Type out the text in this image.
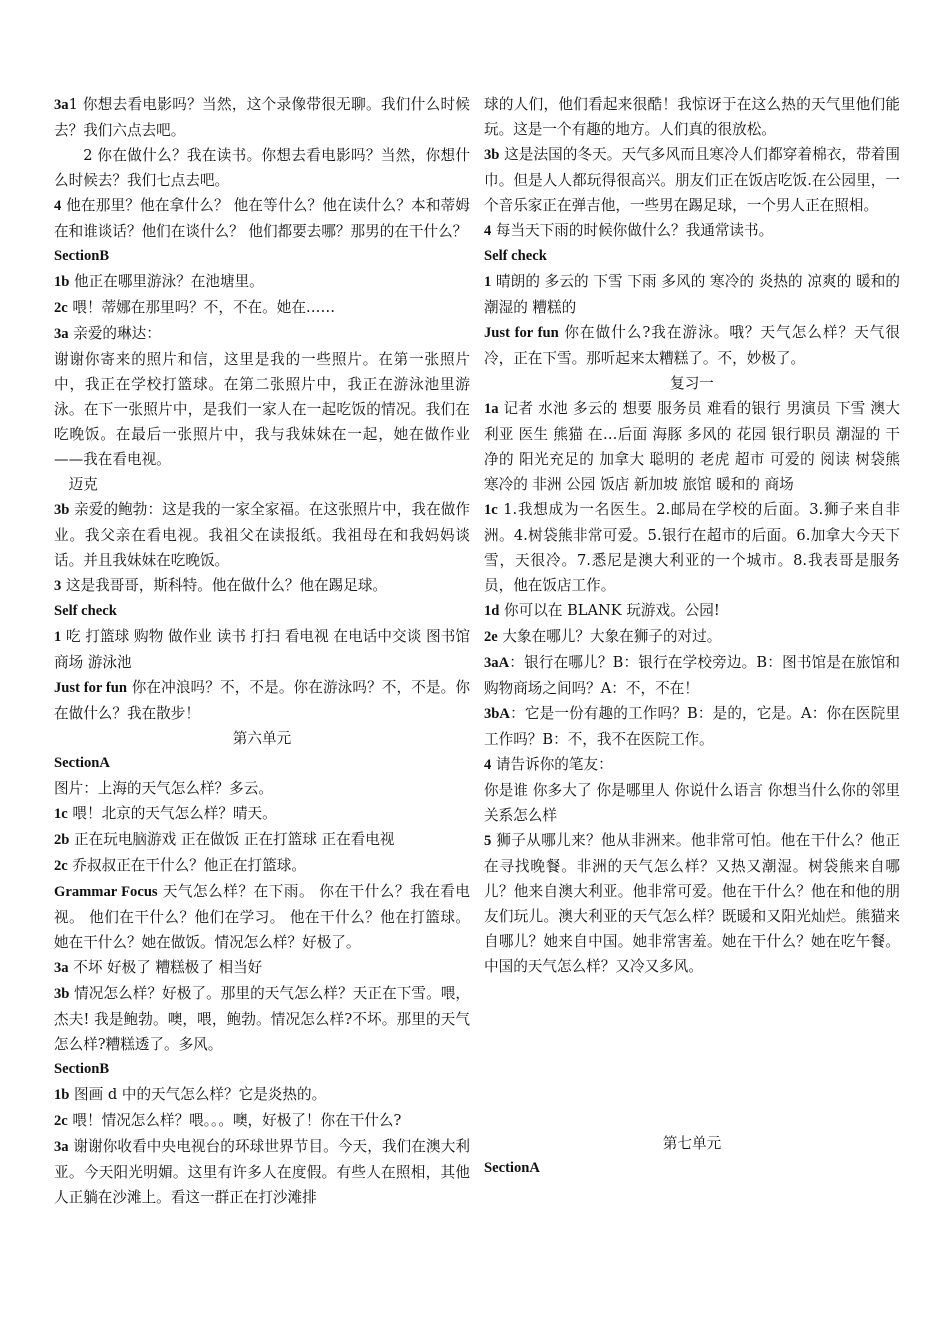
3a1 你想去看电影吗？当然，这个录像带很无聊。我们什么时候去？我们六点去吧。

2 你在做什么？我在读书。你想去看电影吗？当然，你想什么时候去？我们七点去吧。

4 他在那里？他在拿什么？ 他在等什么？他在读什么？本和蒂姆在和谁谈话？他们在谈什么？ 他们都要去哪？那男的在干什么？

SectionB

1b 他正在哪里游泳？在池塘里。

2c 喂！蒂娜在那里吗？不，不在。她在……

3a 亲爱的琳达：

谢谢你寄来的照片和信，这里是我的一些照片。在第一张照片中，我正在学校打篮球。在第二张照片中，我正在游泳池里游泳。在下一张照片中，是我们一家人在一起吃饭的情况。我们在吃晚饭。在最后一张照片中，我与我妹妹在一起，她在做作业——我在看电视。

迈克

3b 亲爱的鲍勃：这是我的一家全家福。在这张照片中，我在做作业。我父亲在看电视。我祖父在读报纸。我祖母在和我妈妈谈话。并且我妹妹在吃晚饭。

3 这是我哥哥，斯科特。他在做什么？他在踢足球。

Self check

1 吃 打篮球 购物 做作业 读书 打扫 看电视 在电话中交谈 图书馆 商场 游泳池

Just for fun 你在冲浪吗？不，不是。你在游泳吗？不，不是。你在做什么？我在散步！

第六单元

SectionA

图片：上海的天气怎么样？多云。

1c 喂！北京的天气怎么样？晴天。

2b 正在玩电脑游戏 正在做饭 正在打篮球 正在看电视

2c 乔叔叔正在干什么？他正在打篮球。

Grammar Focus 天气怎么样？在下雨。 你在干什么？我在看电视。 他们在干什么？他们在学习。 他在干什么？他在打篮球。 她在干什么？她在做饭。情况怎么样？好极了。

3a 不坏 好极了 糟糕极了 相当好

3b 情况怎么样？好极了。那里的天气怎么样？天正在下雪。喂，杰夫! 我是鲍勃。噢，喂，鲍勃。情况怎么样?不坏。那里的天气怎么样?糟糕透了。多风。

SectionB

1b 图画 d 中的天气怎么样？它是炎热的。

2c 喂！情况怎么样？喂。。。噢，好极了！你在干什么?

3a 谢谢你收看中央电视台的环球世界节目。今天，我们在澳大利亚。今天阳光明媚。这里有许多人在度假。有些人在照相，其他人正躺在沙滩上。看这一群正在打沙滩排

球的人们，他们看起来很酷！我惊讶于在这么热的天气里他们能玩。这是一个有趣的地方。人们真的很放松。

3b 这是法国的冬天。天气多风而且寒冷人们都穿着棉衣，带着围巾。但是人人都玩得很高兴。朋友们正在饭店吃饭.在公园里，一个音乐家正在弹吉他，一些男在踢足球，一个男人正在照相。

4 每当天下雨的时候你做什么？我通常读书。

Self check

1 晴朗的 多云的 下雪 下雨 多风的 寒冷的 炎热的 凉爽的 暖和的 潮湿的 糟糕的

Just for fun 你在做什么?我在游泳。哦？天气怎么样？天气很冷，正在下雪。那听起来太糟糕了。不，妙极了。

复习一

1a 记者 水池 多云的 想要 服务员 难看的银行 男演员 下雪 澳大利亚 医生 熊猫 在…后面 海豚 多风的 花园 银行职员 潮湿的 干净的 阳光充足的 加拿大 聪明的 老虎 超市 可爱的 阅读 树袋熊 寒冷的 非洲 公园 饭店 新加坡 旅馆 暖和的 商场

1c 1.我想成为一名医生。2.邮局在学校的后面。3.狮子来自非洲。4.树袋熊非常可爱。5.银行在超市的后面。6.加拿大今天下雪，天很冷。7.悉尼是澳大利亚的一个城市。8.我表哥是服务员，他在饭店工作。

1d 你可以在 BLANK 玩游戏。公园!

2e 大象在哪儿？大象在狮子的对过。

3aA：银行在哪儿？B：银行在学校旁边。B：图书馆是在旅馆和购物商场之间吗？A：不，不在！

3bA：它是一份有趣的工作吗？B：是的，它是。A：你在医院里工作吗？B：不，我不在医院工作。

4 请告诉你的笔友：

你是谁 你多大了 你是哪里人 你说什么语言 你想当什么你的邻里关系怎么样

5 狮子从哪儿来？他从非洲来。他非常可怕。他在干什么？他正在寻找晚餐。非洲的天气怎么样？又热又潮湿。树袋熊来自哪儿？他来自澳大利亚。他非常可爱。他在干什么？他在和他的朋友们玩儿。澳大利亚的天气怎么样？既暖和又阳光灿烂。熊猫来自哪儿？她来自中国。她非常害羞。她在干什么？她在吃午餐。中国的天气怎么样？又冷又多风。

第七单元

SectionA
